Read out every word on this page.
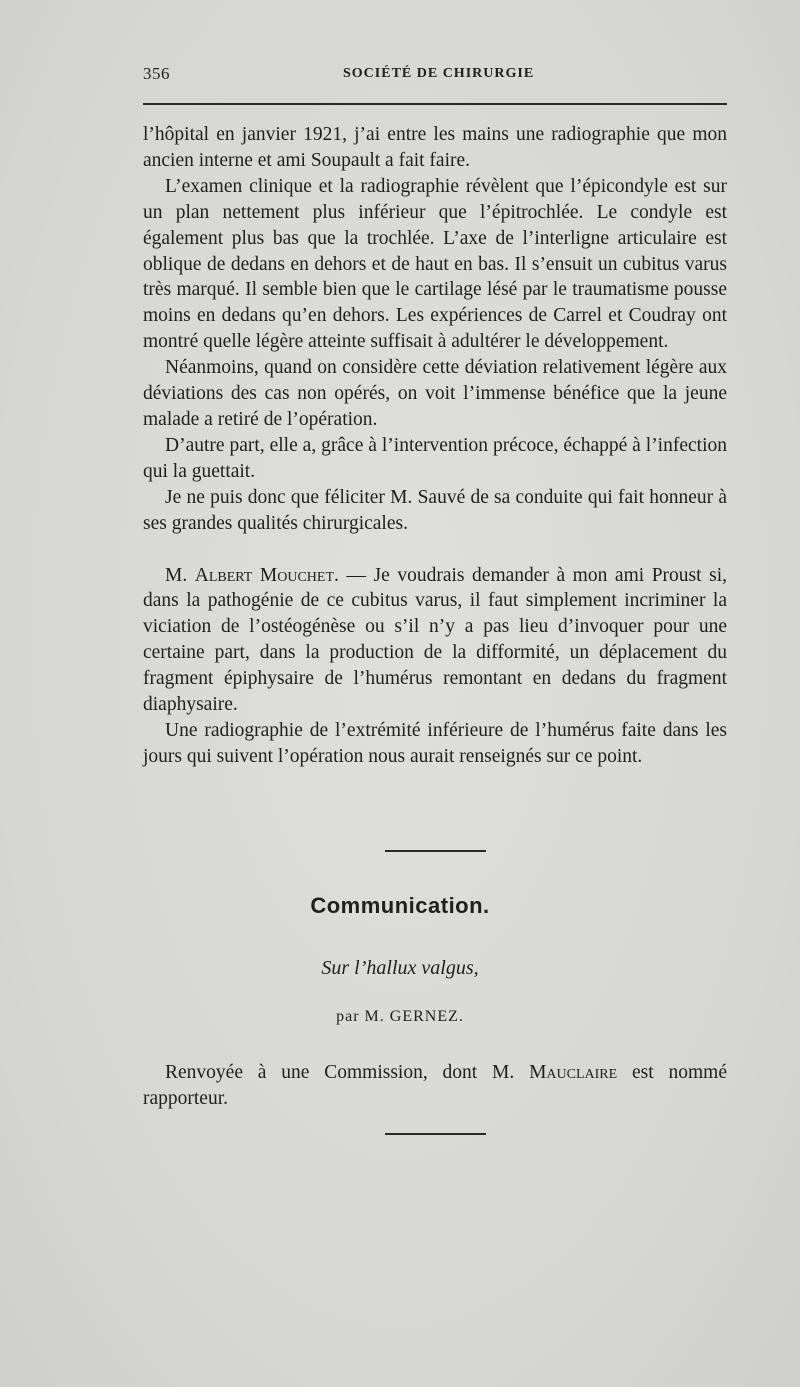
356	SOCIÉTÉ DE CHIRURGIE

l’hôpital en janvier 1921, j’ai entre les mains une radiographie que mon ancien interne et ami Soupault a fait faire.

L’examen clinique et la radiographie révèlent que l’épicondyle est sur un plan nettement plus inférieur que l’épitrochlée. Le condyle est également plus bas que la trochlée. L’axe de l’interligne articulaire est oblique de dedans en dehors et de haut en bas. Il s’ensuit un cubitus varus très marqué. Il semble bien que le cartilage lésé par le traumatisme pousse moins en dedans qu’en dehors. Les expériences de Carrel et Coudray ont montré quelle légère atteinte suffisait à adultérer le développement.

Néanmoins, quand on considère cette déviation relativement légère aux déviations des cas non opérés, on voit l’immense bénéfice que la jeune malade a retiré de l’opération.

D’autre part, elle a, grâce à l’intervention précoce, échappé à l’infection qui la guettait.

Je ne puis donc que féliciter M. Sauvé de sa conduite qui fait honneur à ses grandes qualités chirurgicales.

M. Albert Mouchet. — Je voudrais demander à mon ami Proust si, dans la pathogénie de ce cubitus varus, il faut simplement incriminer la viciation de l’ostéogénèse ou s’il n’y a pas lieu d’invoquer pour une certaine part, dans la production de la difformité, un déplacement du fragment épiphysaire de l’humérus remontant en dedans du fragment diaphysaire.

Une radiographie de l’extrémité inférieure de l’humérus faite dans les jours qui suivent l’opération nous aurait renseignés sur ce point.

Communication.
Sur l’hallux valgus,
par M. GERNEZ.

Renvoyée à une Commission, dont M. Mauclaire est nommé rapporteur.
